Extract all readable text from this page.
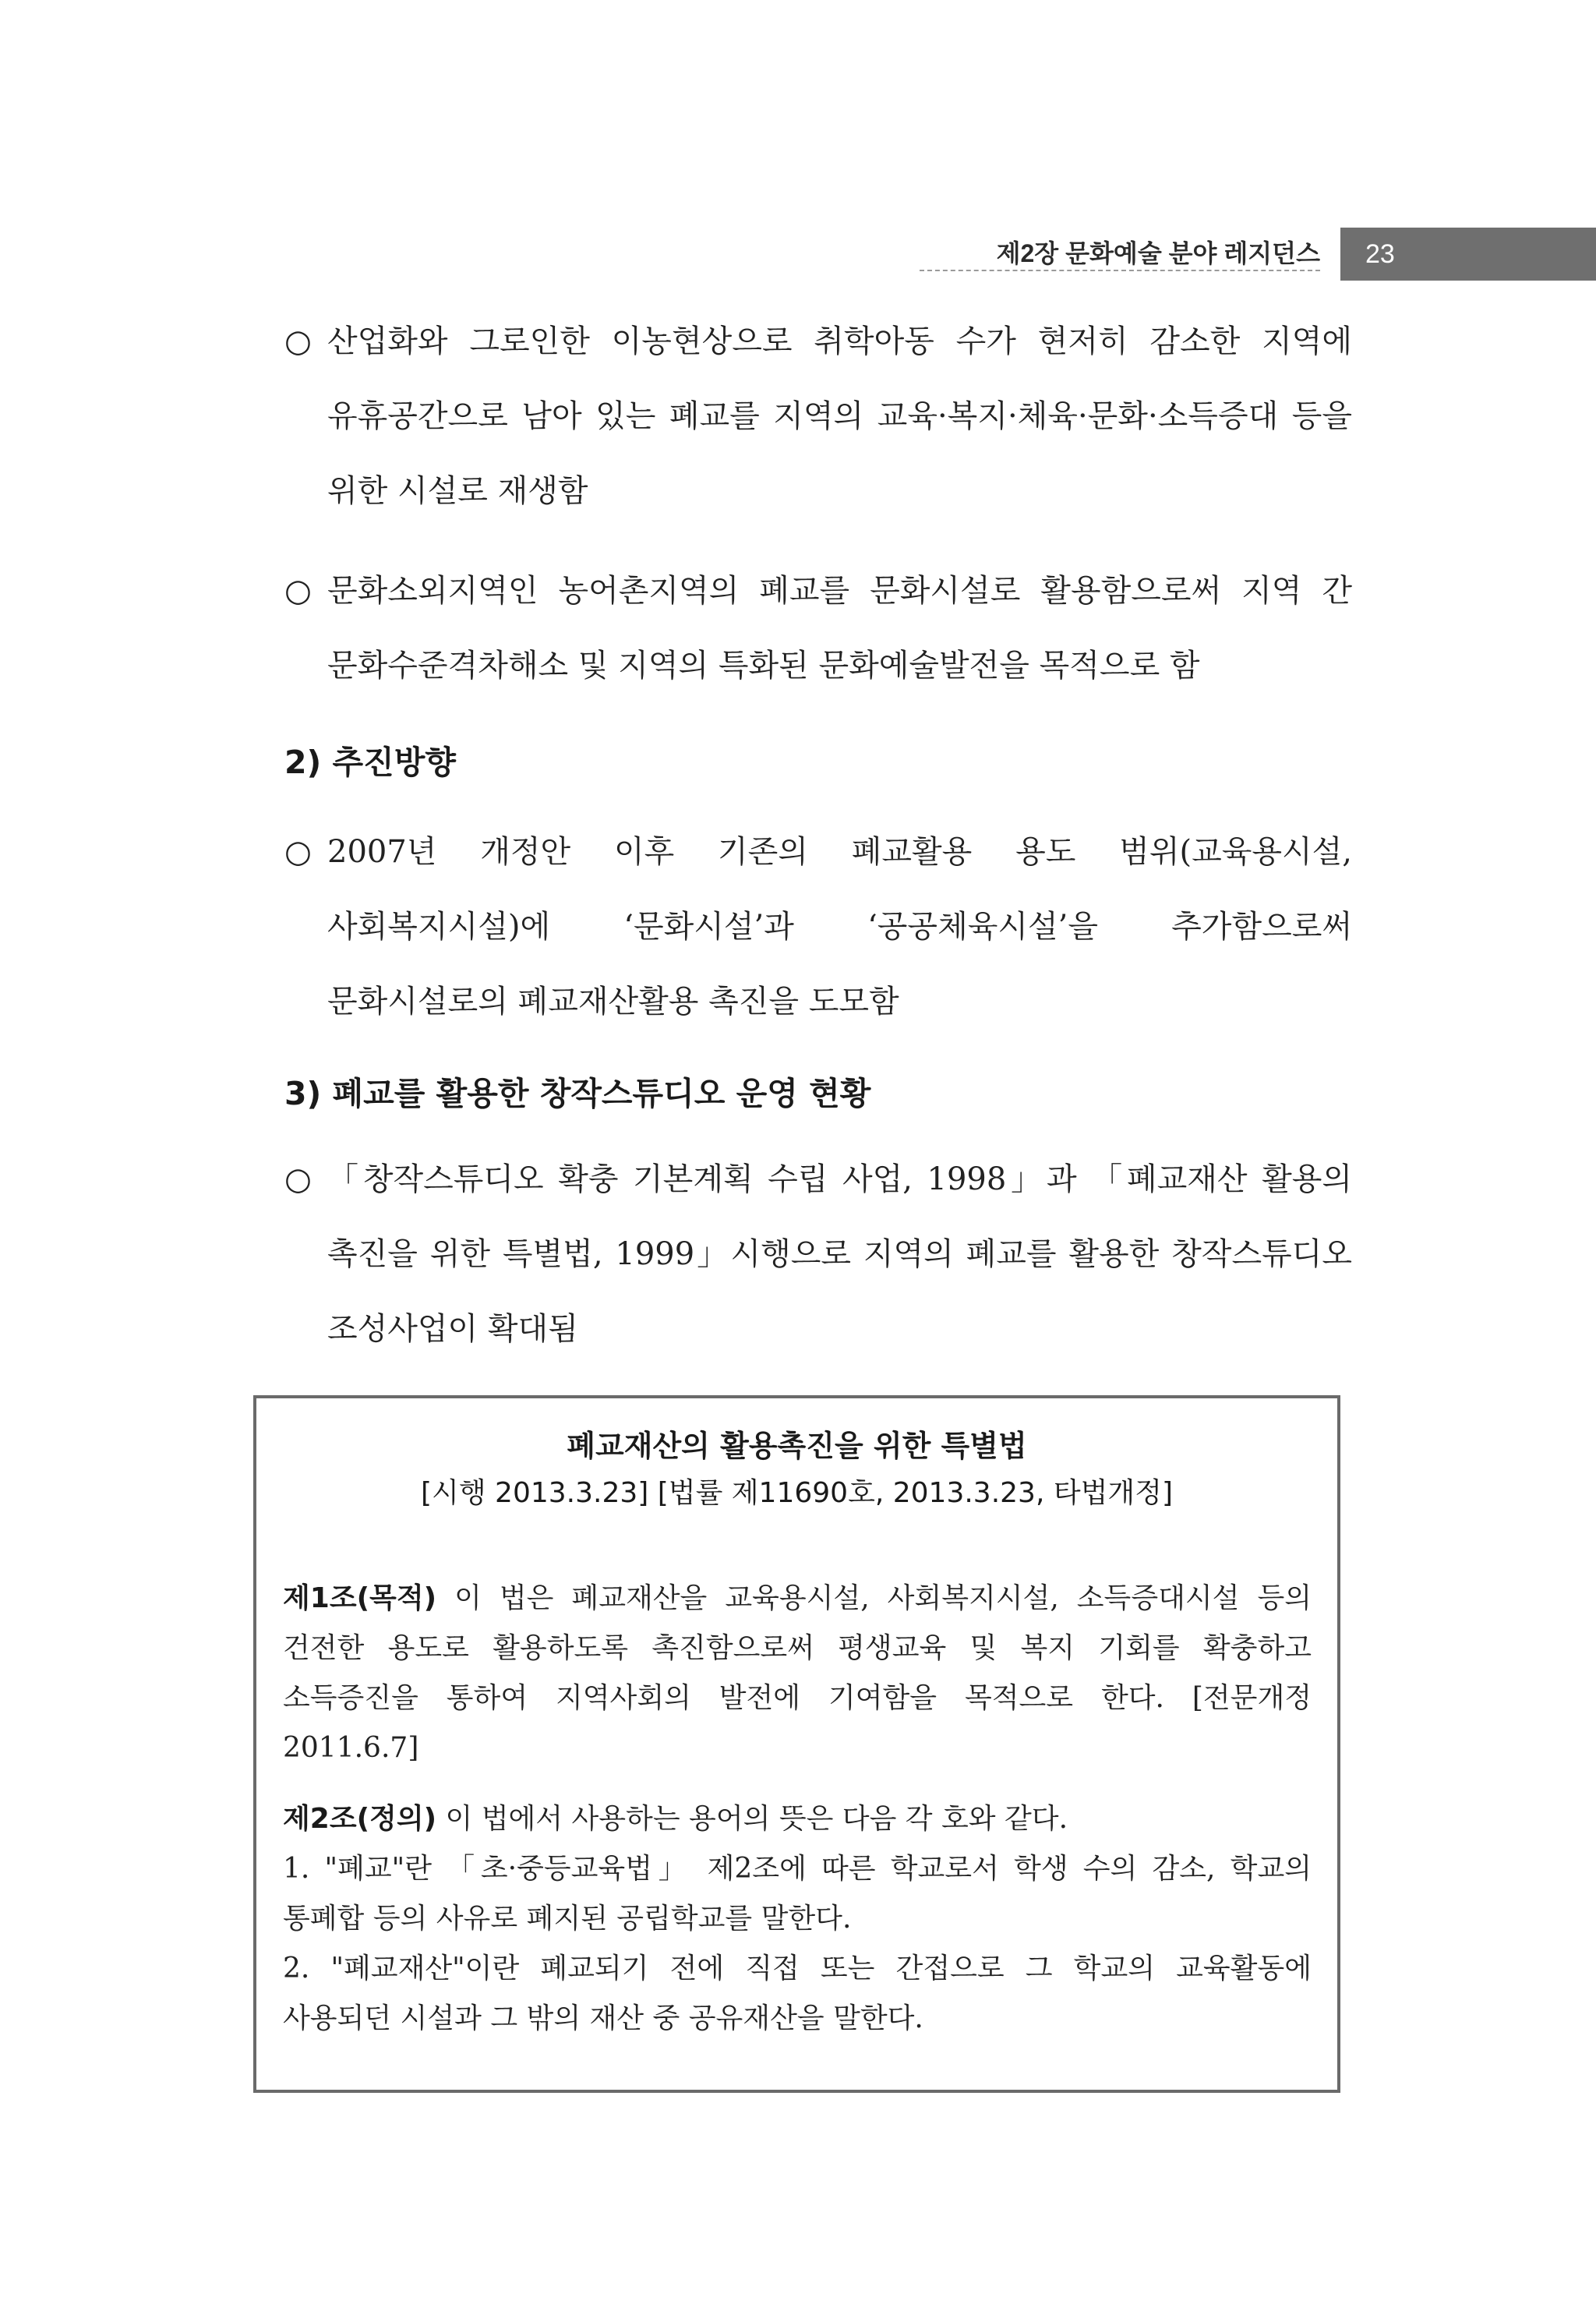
제2장 문화예술 분야 레지던스	23
○ 산업화와 그로인한 이농현상으로 취학아동 수가 현저히 감소한 지역에 유휴공간으로 남아 있는 폐교를 지역의 교육·복지·체육·문화·소득증대 등을 위한 시설로 재생함
○ 문화소외지역인 농어촌지역의 폐교를 문화시설로 활용함으로써 지역 간 문화수준격차해소 및 지역의 특화된 문화예술발전을 목적으로 함
2) 추진방향
○ 2007년 개정안 이후 기존의 폐교활용 용도 범위(교육용시설, 사회복지시설)에 ‘문화시설’과 ‘공공체육시설’을 추가함으로써 문화시설로의 폐교재산활용 촉진을 도모함
3) 폐교를 활용한 창작스튜디오 운영 현황
○ 「창작스튜디오 확충 기본계획 수립 사업, 1998」과 「폐교재산 활용의 촉진을 위한 특별법, 1999」시행으로 지역의 폐교를 활용한 창작스튜디오 조성사업이 확대됨
폐교재산의 활용촉진을 위한 특별법
[시행 2013.3.23] [법률 제11690호, 2013.3.23, 타법개정]
제1조(목적) 이 법은 폐교재산을 교육용시설, 사회복지시설, 소득증대시설 등의 건전한 용도로 활용하도록 촉진함으로써 평생교육 및 복지 기회를 확충하고 소득증진을 통하여 지역사회의 발전에 기여함을 목적으로 한다. [전문개정 2011.6.7]
제2조(정의) 이 법에서 사용하는 용어의 뜻은 다음 각 호와 같다.
1. "폐교"란 「초·중등교육법」 제2조에 따른 학교로서 학생 수의 감소, 학교의 통폐합 등의 사유로 폐지된 공립학교를 말한다.
2. "폐교재산"이란 폐교되기 전에 직접 또는 간접으로 그 학교의 교육활동에 사용되던 시설과 그 밖의 재산 중 공유재산을 말한다.
